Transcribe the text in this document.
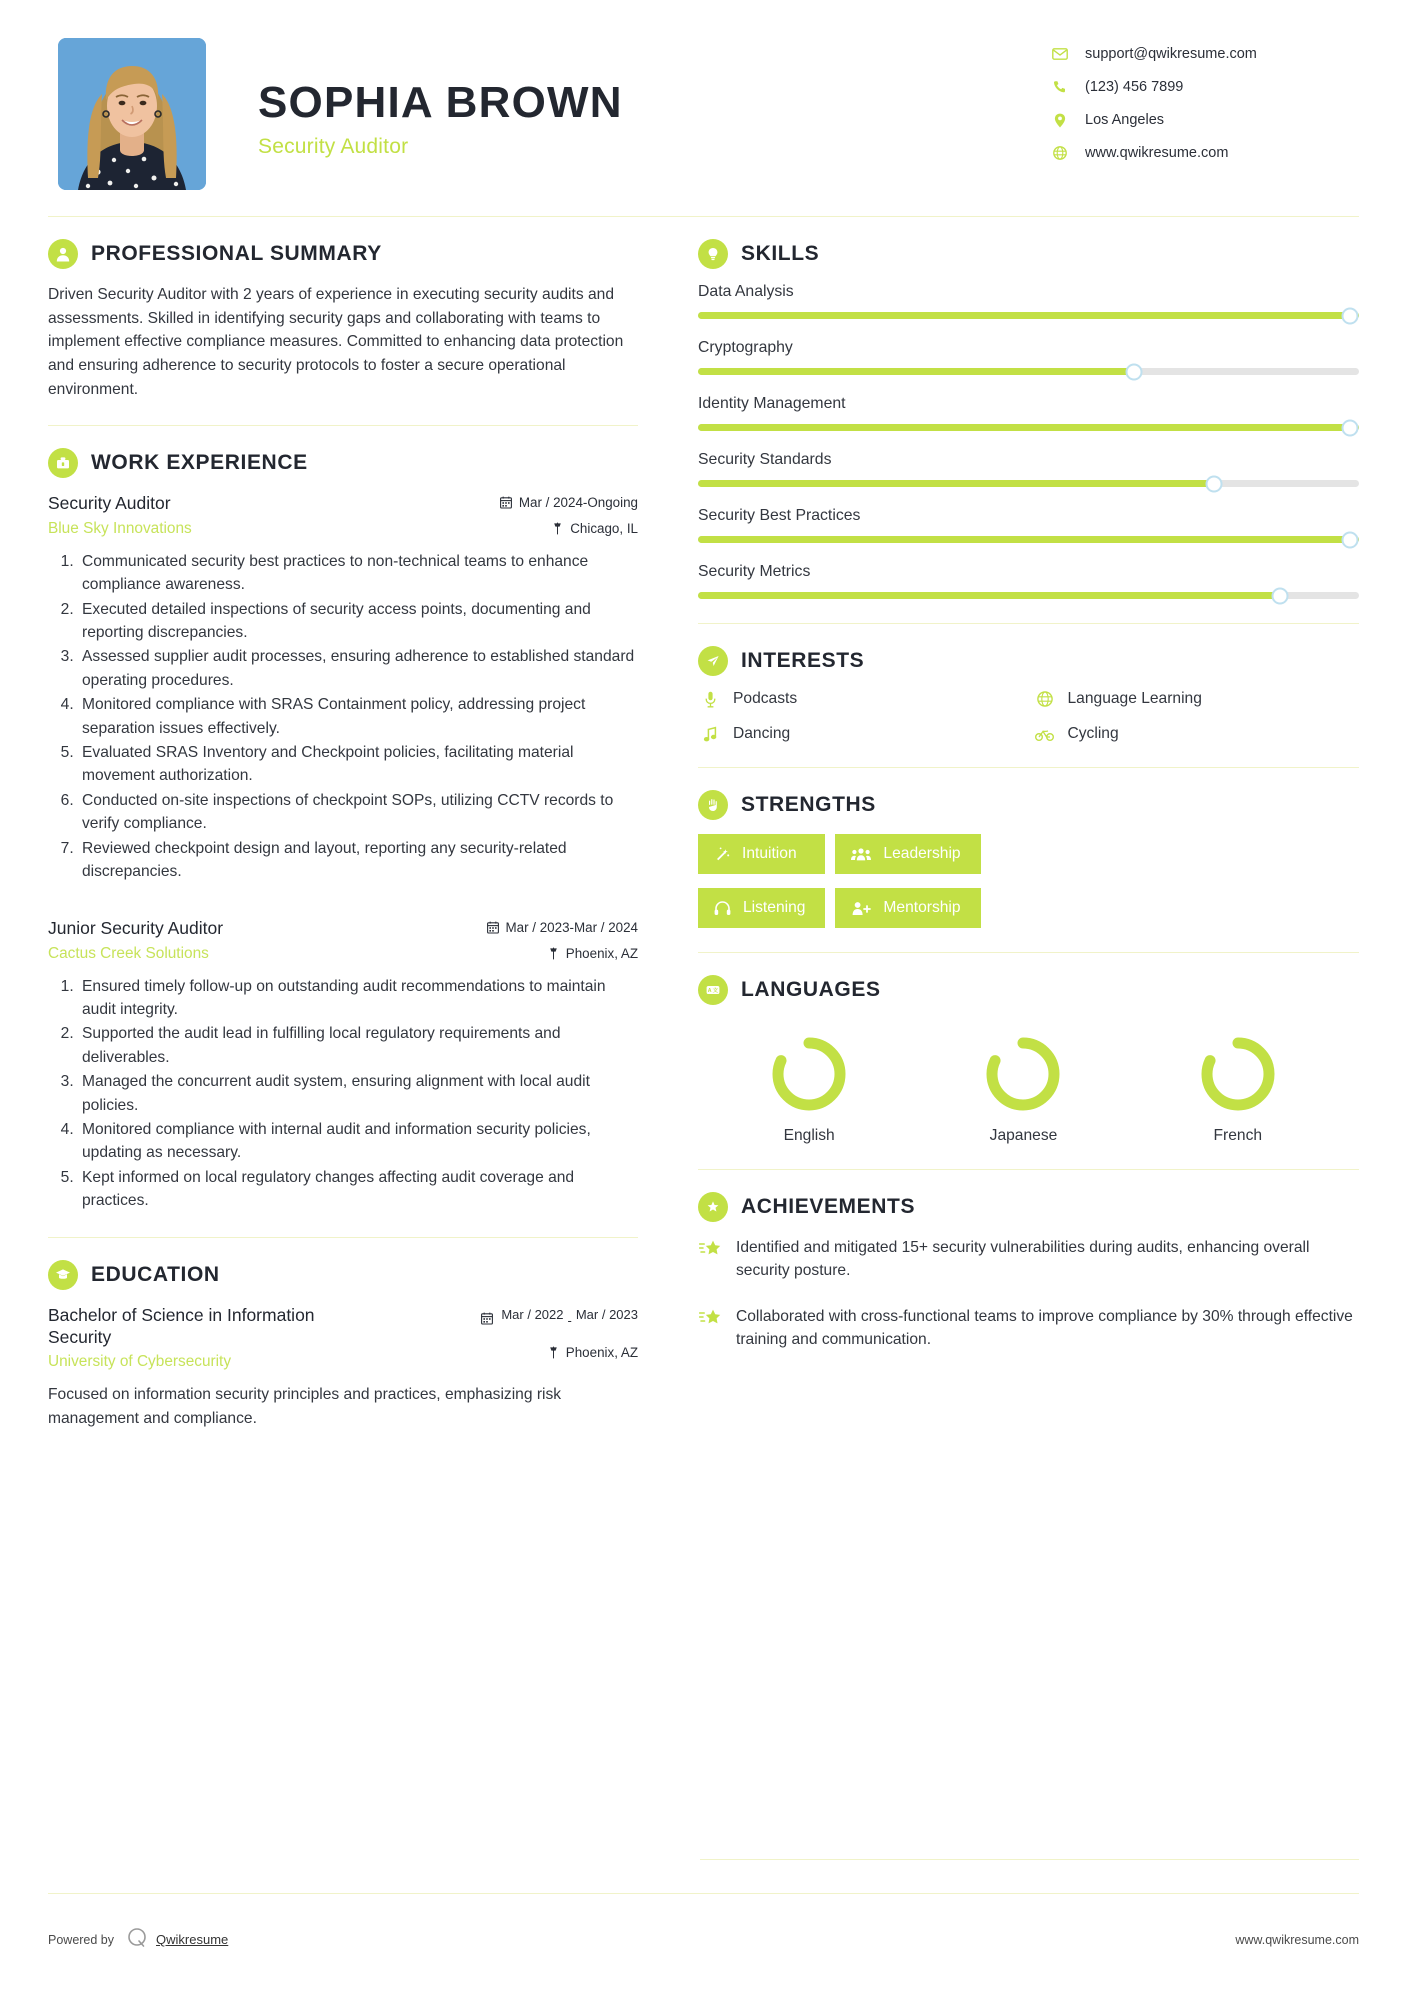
SOPHIA BROWN
Security Auditor
support@qwikresume.com
(123) 456 7899
Los Angeles
www.qwikresume.com
PROFESSIONAL SUMMARY

Driven Security Auditor with 2 years of experience in executing security audits and assessments. Skilled in identifying security gaps and collaborating with teams to implement effective compliance measures. Committed to enhancing data protection and ensuring adherence to security protocols to foster a secure operational environment.

WORK EXPERIENCE
Security Auditor
Blue Sky Innovations
Mar / 2024-Ongoing
Chicago, IL
1. Communicated security best practices to non-technical teams to enhance compliance awareness.
2. Executed detailed inspections of security access points, documenting and reporting discrepancies.
3. Assessed supplier audit processes, ensuring adherence to established standard operating procedures.
4. Monitored compliance with SRAS Containment policy, addressing project separation issues effectively.
5. Evaluated SRAS Inventory and Checkpoint policies, facilitating material movement authorization.
6. Conducted on-site inspections of checkpoint SOPs, utilizing CCTV records to verify compliance.
7. Reviewed checkpoint design and layout, reporting any security-related discrepancies.
Junior Security Auditor
Cactus Creek Solutions
Mar / 2023-Mar / 2024
Phoenix, AZ
1. Ensured timely follow-up on outstanding audit recommendations to maintain audit integrity.
2. Supported the audit lead in fulfilling local regulatory requirements and deliverables.
3. Managed the concurrent audit system, ensuring alignment with local audit policies.
4. Monitored compliance with internal audit and information security policies, updating as necessary.
5. Kept informed on local regulatory changes affecting audit coverage and practices.
EDUCATION
Bachelor of Science in Information Security
University of Cybersecurity
Mar / 2022 - Mar / 2023
Phoenix, AZ

Focused on information security principles and practices, emphasizing risk management and compliance.

SKILLS
Data Analysis
Cryptography
Identity Management
Security Standards
Security Best Practices
Security Metrics
INTERESTS
Podcasts	Language Learning
Dancing	Cycling
STRENGTHS
Intuition	Leadership
Listening	Mentorship
A 文 LANGUAGES
English	Japanese	French
ACHIEVEMENTS
Identified and mitigated 15+ security vulnerabilities during audits, enhancing overall security posture.
Collaborated with cross-functional teams to improve compliance by 30% through effective training and communication.
Powered by	Qwikresume	www.qwikresume.com
